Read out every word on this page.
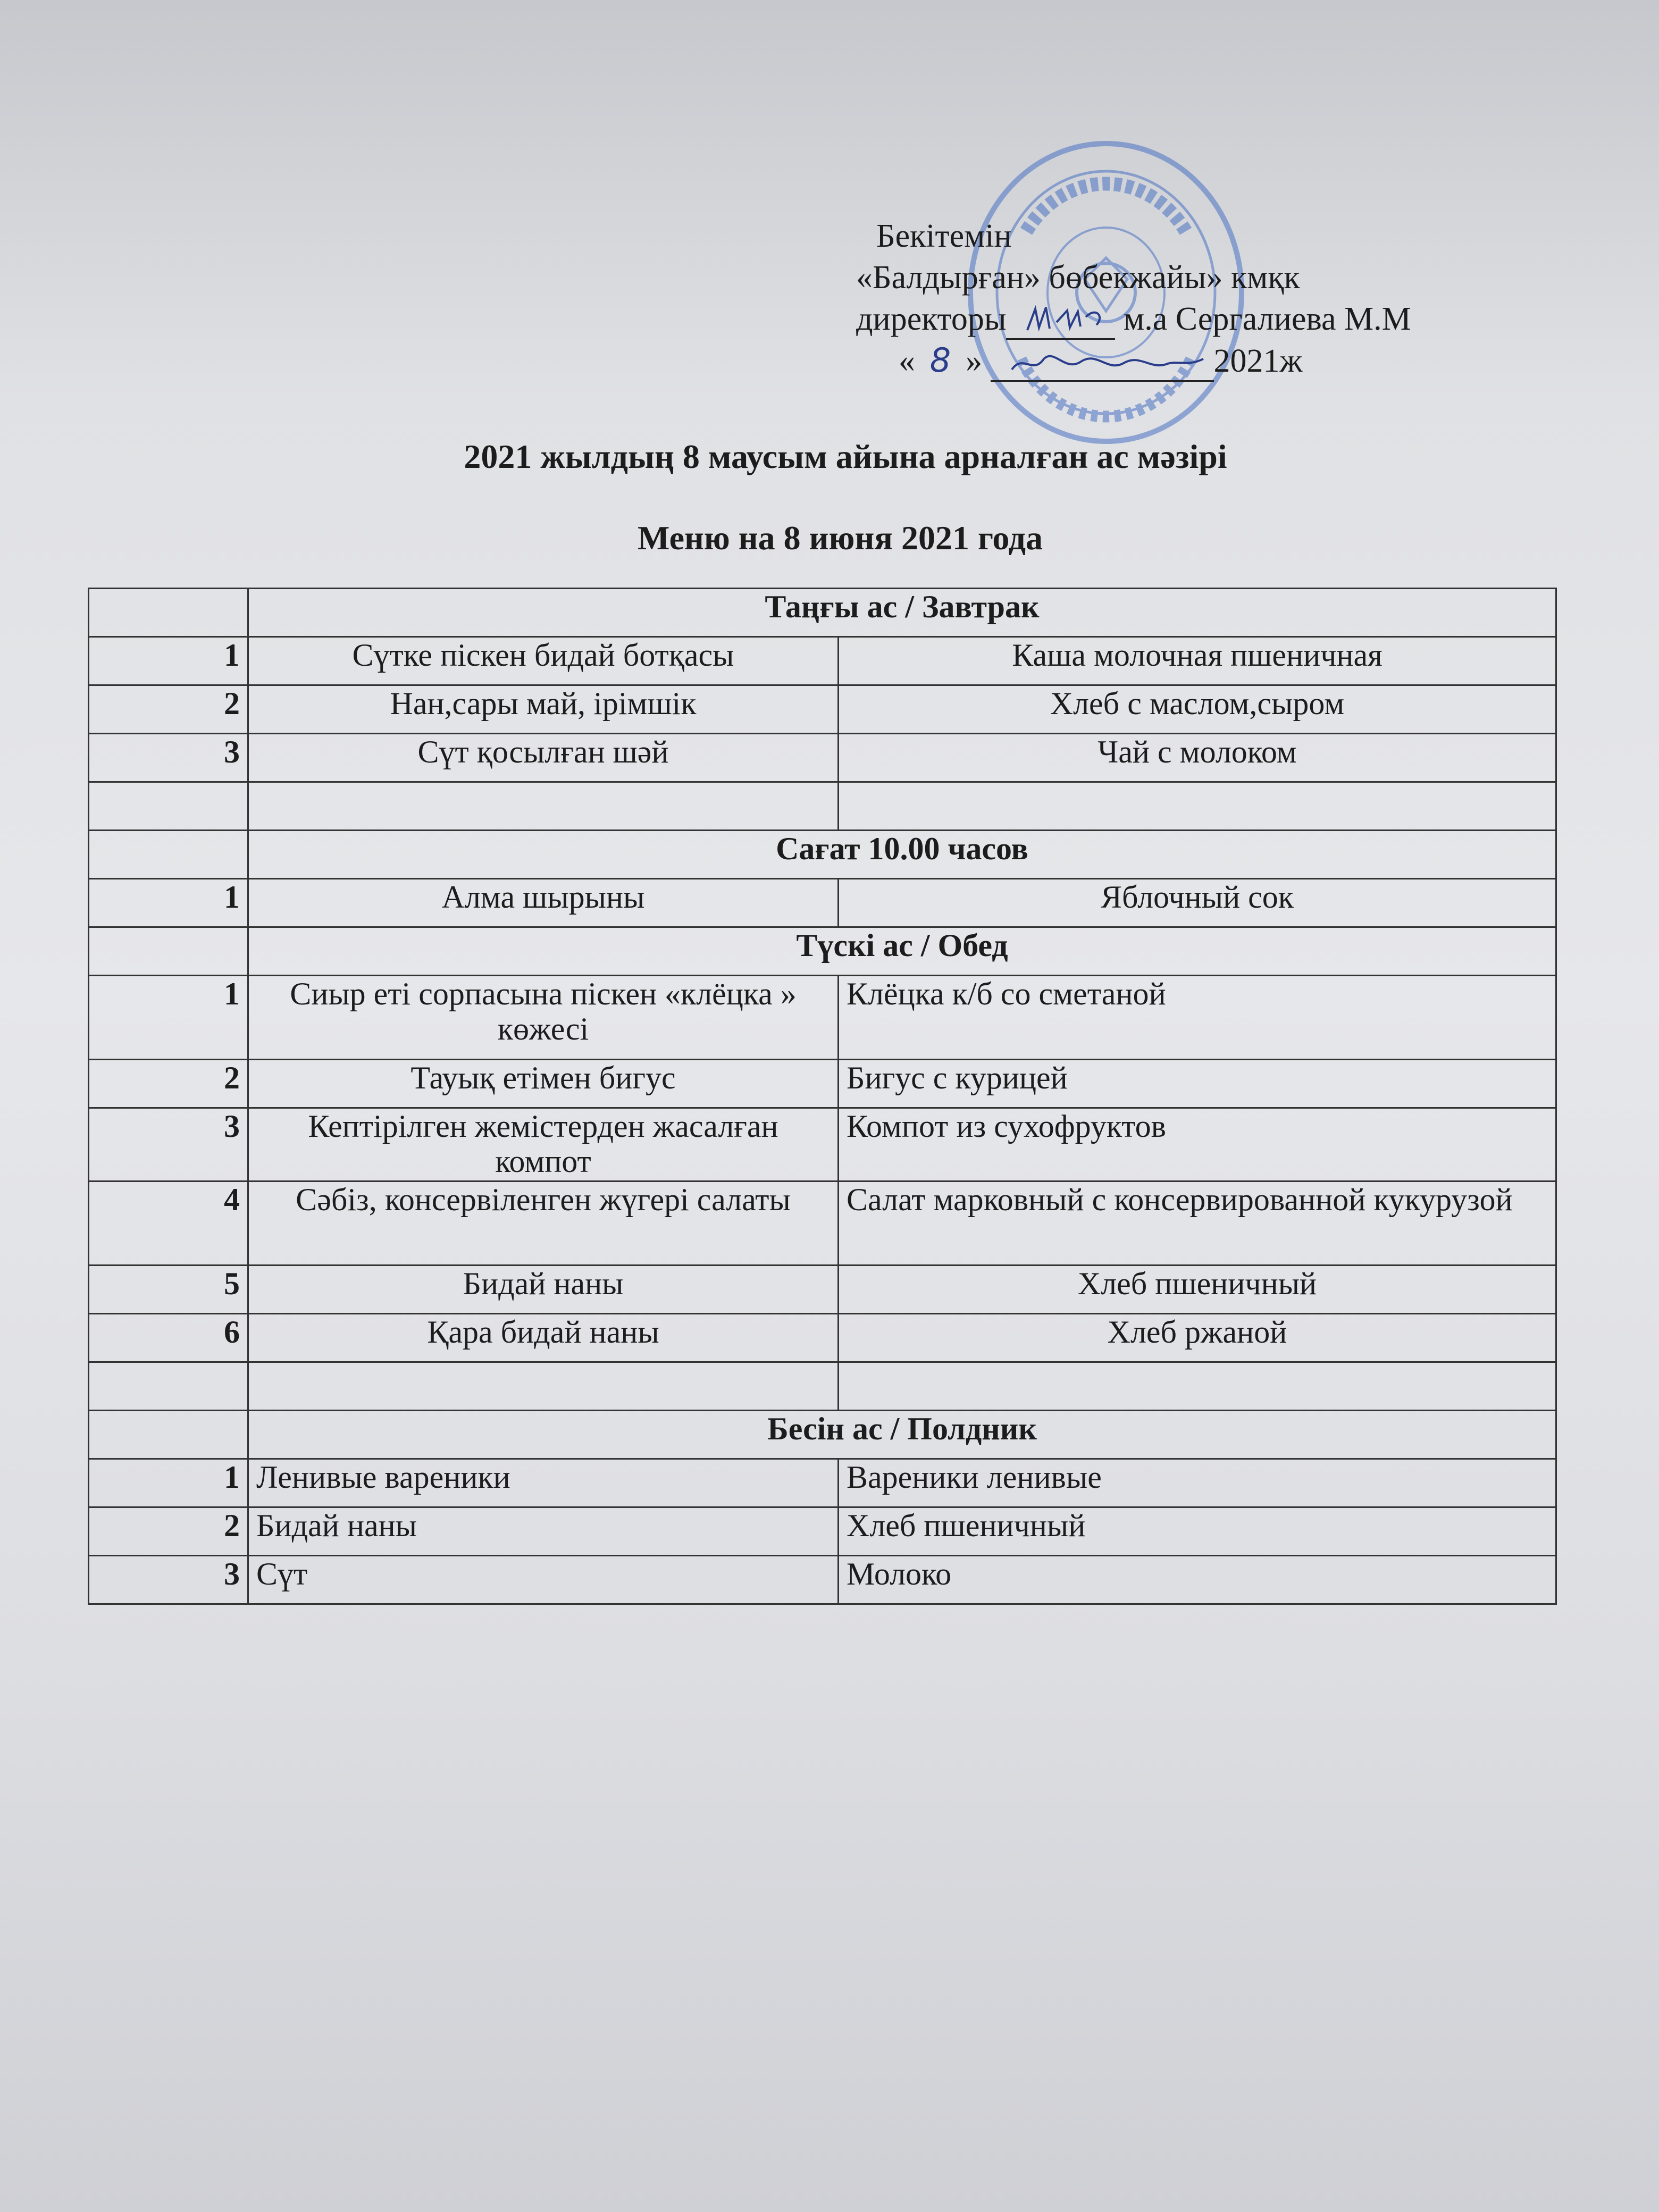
Бекітемін
«Балдырған» бөбекжайы» кмқк
директоры	м.а Сергалиева М.М
« 8 »	2021ж
2021 жылдың 8 маусым айына арналған ас мәзірі
Меню на 8 июня 2021 года
	Таңғы ас / Завтрак	
1	Сүтке піскен бидай ботқасы	Каша молочная пшеничная
2	Нан,сары май, ірімшік	Хлеб с маслом,сыром
3	Сүт қосылған шәй	Чай с молоком

	Сағат 10.00 часов	
1	Алма шырыны	Яблочный сок
	Түскі ас / Обед	
1	Сиыр еті сорпасына піскен «клёцка » көжесі	Клёцка к/б со сметаной
2	Тауық етімен бигус	Бигус с курицей
3	Кептірілген жемістерден жасалған компот	Компот из сухофруктов
4	Сәбіз, консервіленген жүгері салаты	Салат марковный с консервированной кукурузой
5	Бидай наны	Хлеб пшеничный
6	Қара бидай наны	Хлеб ржаной

	Бесін ас / Полдник	
1	Ленивые вареники	Вареники ленивые
2	Бидай наны	Хлеб пшеничный
3	Сүт	Молоко
